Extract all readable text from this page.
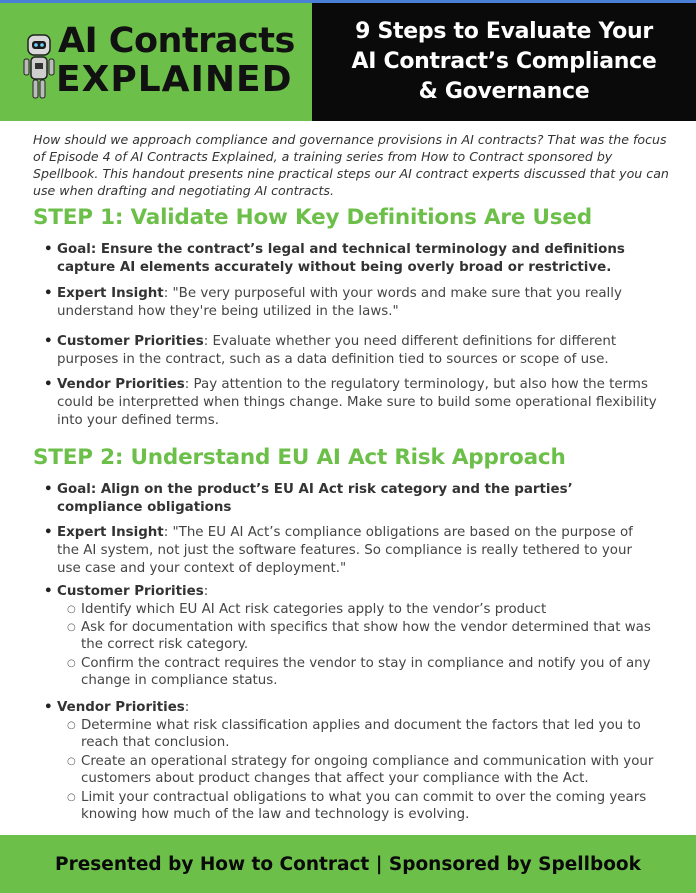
AI Contracts
EXPLAINED
9 Steps to Evaluate Your
AI Contract’s Compliance
& Governance
How should we approach compliance and governance provisions in AI contracts? That was the focus of Episode 4 of AI Contracts Explained, a training series from How to Contract sponsored by Spellbook. This handout presents nine practical steps our AI contract experts discussed that you can use when drafting and negotiating AI contracts.
STEP 1: Validate How Key Definitions Are Used
• Goal: Ensure the contract’s legal and technical terminology and definitions capture AI elements accurately without being overly broad or restrictive.
• Expert Insight: "Be very purposeful with your words and make sure that you really understand how they're being utilized in the laws."
• Customer Priorities: Evaluate whether you need different definitions for different purposes in the contract, such as a data definition tied to sources or scope of use.
• Vendor Priorities: Pay attention to the regulatory terminology, but also how the terms could be interpretted when things change. Make sure to build some operational flexibility into your defined terms.
STEP 2: Understand EU AI Act Risk Approach
• Goal: Align on the product’s EU AI Act risk category and the parties’ compliance obligations
• Expert Insight: "The EU AI Act’s compliance obligations are based on the purpose of the AI system, not just the software features. So compliance is really tethered to your use case and your context of deployment."
• Customer Priorities:
○ Identify which EU AI Act risk categories apply to the vendor’s product
○ Ask for documentation with specifics that show how the vendor determined that was the correct risk category.
○ Confirm the contract requires the vendor to stay in compliance and notify you of any change in compliance status.
• Vendor Priorities:
○ Determine what risk classification applies and document the factors that led you to reach that conclusion.
○ Create an operational strategy for ongoing compliance and communication with your customers about product changes that affect your compliance with the Act.
○ Limit your contractual obligations to what you can commit to over the coming years knowing how much of the law and technology is evolving.
Presented by How to Contract | Sponsored by Spellbook
